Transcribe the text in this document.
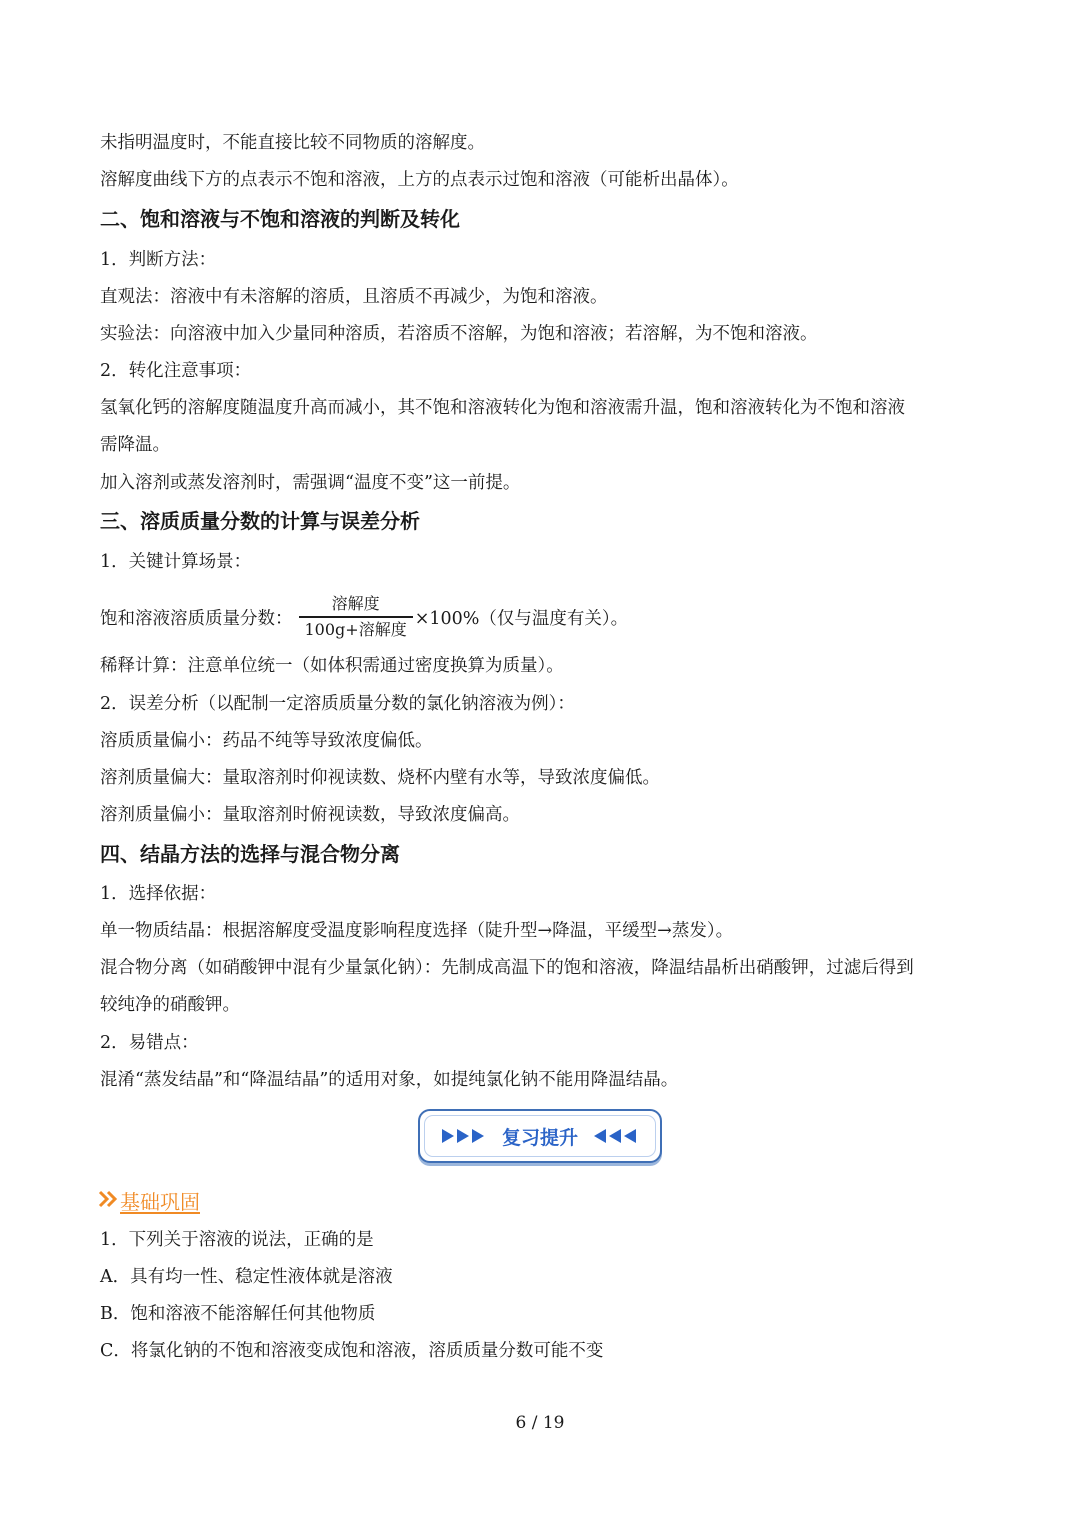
未指明温度时，不能直接比较不同物质的溶解度。
溶解度曲线下方的点表示不饱和溶液，上方的点表示过饱和溶液（可能析出晶体）。
二、饱和溶液与不饱和溶液的判断及转化
1．判断方法：
直观法：溶液中有未溶解的溶质，且溶质不再减少，为饱和溶液。
实验法：向溶液中加入少量同种溶质，若溶质不溶解，为饱和溶液；若溶解，为不饱和溶液。
2．转化注意事项：
氢氧化钙的溶解度随温度升高而减小，其不饱和溶液转化为饱和溶液需升温，饱和溶液转化为不饱和溶液
需降温。
加入溶剂或蒸发溶剂时，需强调“温度不变”这一前提。
三、溶质质量分数的计算与误差分析
1．关键计算场景：
饱和溶液溶质质量分数： $\frac{\text{溶解度}}{\text{100g+溶解度}} \times 100\%$（仅与温度有关）。
稀释计算：注意单位统一（如体积需通过密度换算为质量）。
2．误差分析（以配制一定溶质质量分数的氯化钠溶液为例）：
溶质质量偏小：药品不纯等导致浓度偏低。
溶剂质量偏大：量取溶剂时仰视读数、烧杯内壁有水等，导致浓度偏低。
溶剂质量偏小：量取溶剂时俯视读数，导致浓度偏高。
四、结晶方法的选择与混合物分离
1．选择依据：
单一物质结晶：根据溶解度受温度影响程度选择（陡升型→降温，平缓型→蒸发）。
混合物分离（如硝酸钾中混有少量氯化钠）：先制成高温下的饱和溶液，降温结晶析出硝酸钾，过滤后得到
较纯净的硝酸钾。
2．易错点：
混淆“蒸发结晶”和“降温结晶”的适用对象，如提纯氯化钠不能用降温结晶。
复习提升
基础巩固
1．下列关于溶液的说法，正确的是
A．具有均一性、稳定性液体就是溶液
B．饱和溶液不能溶解任何其他物质
C．将氯化钠的不饱和溶液变成饱和溶液，溶质质量分数可能不变
6 / 19
